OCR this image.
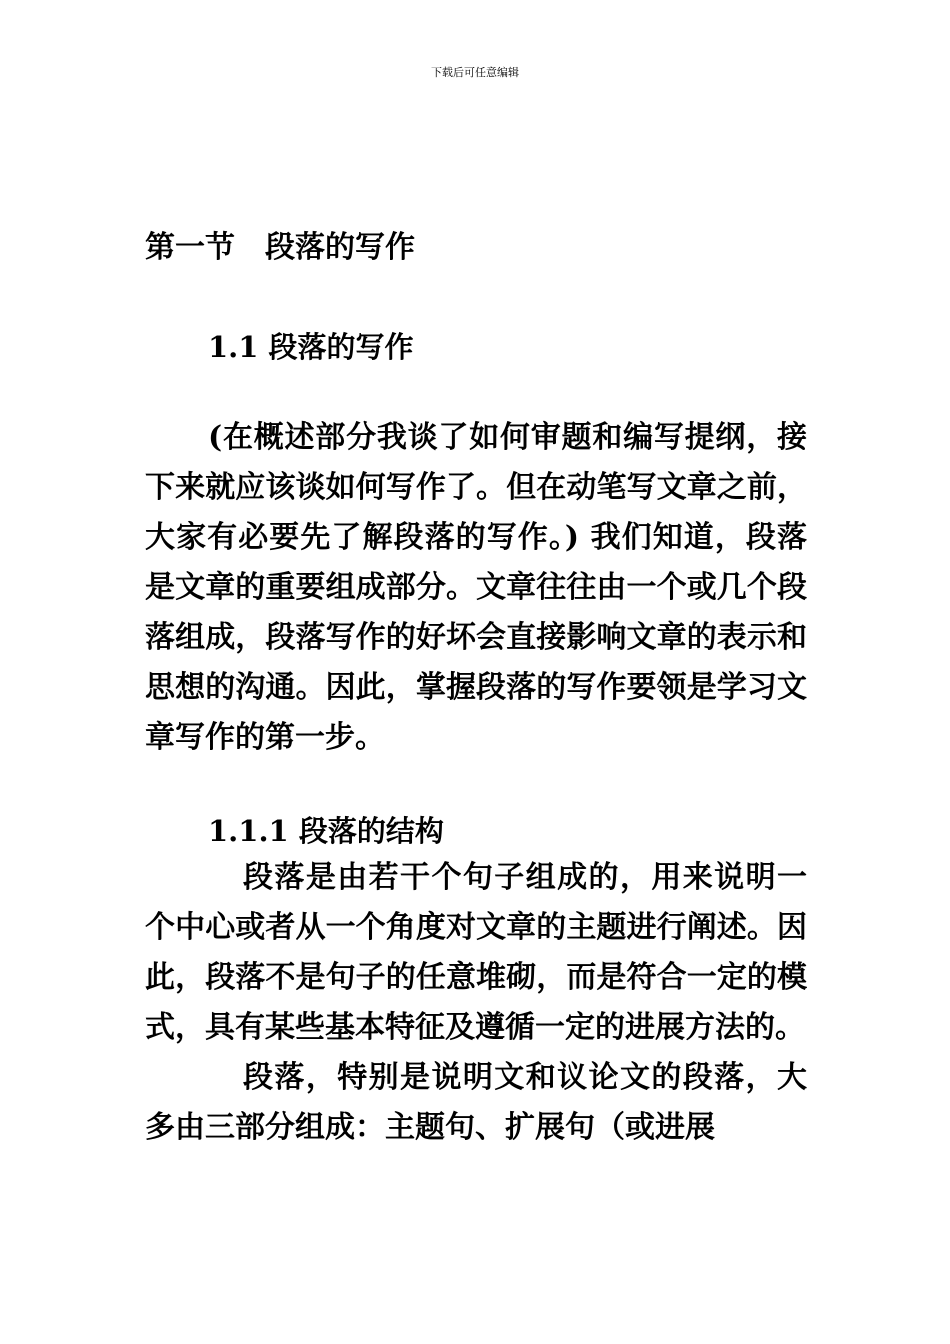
下载后可任意编辑
第一节　段落的写作
1.1 段落的写作

(在概述部分我谈了如何审题和编写提纲，接下来就应该谈如何写作了。但在动笔写文章之前，大家有必要先了解段落的写作。) 我们知道，段落是文章的重要组成部分。文章往往由一个或几个段落组成，段落写作的好坏会直接影响文章的表示和思想的沟通。因此，掌握段落的写作要领是学习文章写作的第一步。

1.1.1 段落的结构

段落是由若干个句子组成的，用来说明一个中心或者从一个角度对文章的主题进行阐述。因此，段落不是句子的任意堆砌，而是符合一定的模式，具有某些基本特征及遵循一定的进展方法的。

段落，特别是说明文和议论文的段落，大多由三部分组成：主题句、扩展句（或进展
